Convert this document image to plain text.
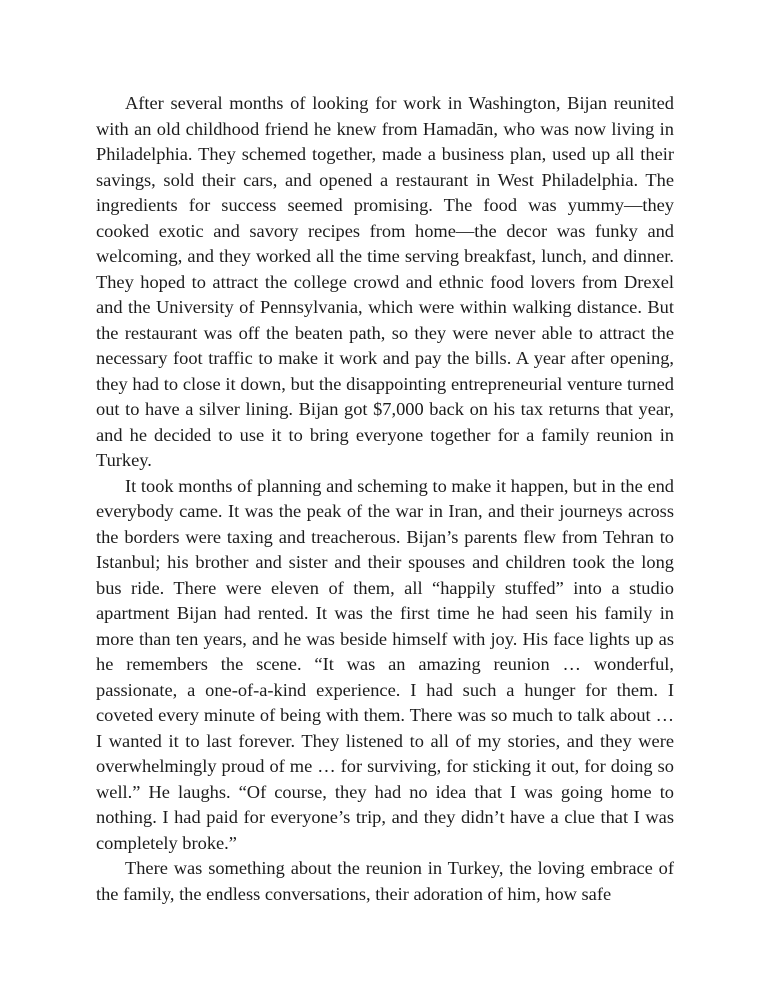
After several months of looking for work in Washington, Bijan reunited with an old childhood friend he knew from Hamadān, who was now living in Philadelphia. They schemed together, made a business plan, used up all their savings, sold their cars, and opened a restaurant in West Philadelphia. The ingredients for success seemed promising. The food was yummy—they cooked exotic and savory recipes from home—the decor was funky and welcoming, and they worked all the time serving breakfast, lunch, and dinner. They hoped to attract the college crowd and ethnic food lovers from Drexel and the University of Pennsylvania, which were within walking distance. But the restaurant was off the beaten path, so they were never able to attract the necessary foot traffic to make it work and pay the bills. A year after opening, they had to close it down, but the disappointing entrepreneurial venture turned out to have a silver lining. Bijan got $7,000 back on his tax returns that year, and he decided to use it to bring everyone together for a family reunion in Turkey.

It took months of planning and scheming to make it happen, but in the end everybody came. It was the peak of the war in Iran, and their journeys across the borders were taxing and treacherous. Bijan’s parents flew from Tehran to Istanbul; his brother and sister and their spouses and children took the long bus ride. There were eleven of them, all “happily stuffed” into a studio apartment Bijan had rented. It was the first time he had seen his family in more than ten years, and he was beside himself with joy. His face lights up as he remembers the scene. “It was an amazing reunion … wonderful, passionate, a one-of-a-kind experience. I had such a hunger for them. I coveted every minute of being with them. There was so much to talk about … I wanted it to last forever. They listened to all of my stories, and they were overwhelmingly proud of me … for surviving, for sticking it out, for doing so well.” He laughs. “Of course, they had no idea that I was going home to nothing. I had paid for everyone’s trip, and they didn’t have a clue that I was completely broke.”

There was something about the reunion in Turkey, the loving embrace of the family, the endless conversations, their adoration of him, how safe
